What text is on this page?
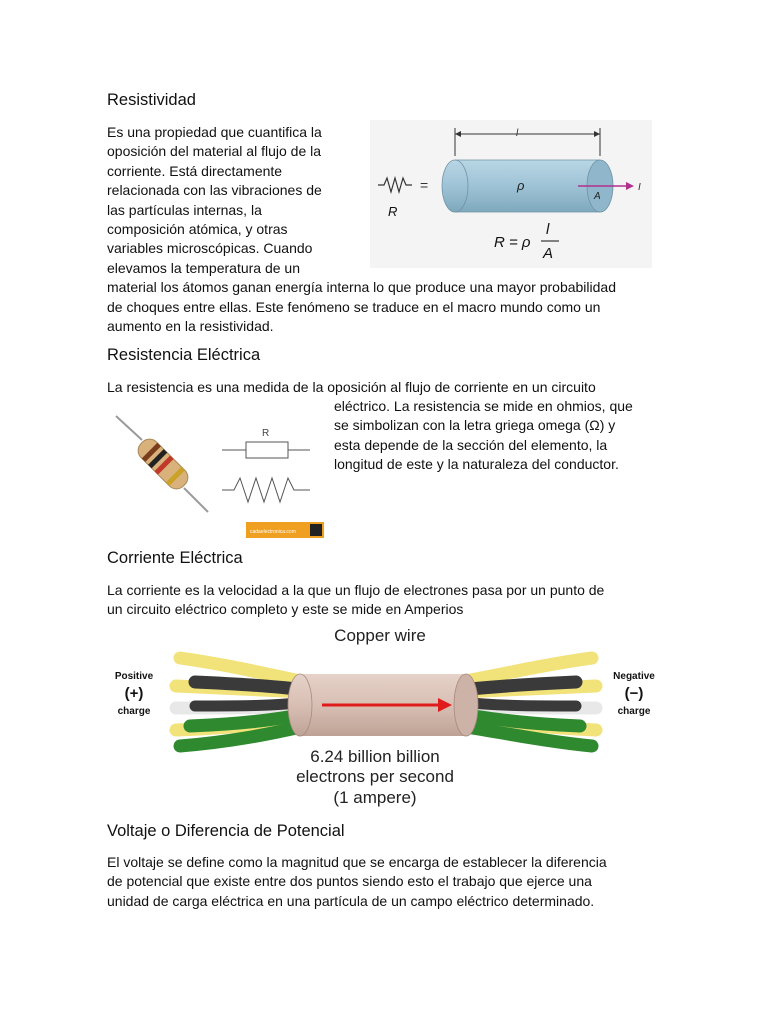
Resistividad
Es una propiedad que cuantifica la
oposición del material al flujo de la
corriente. Está directamente
relacionada con las vibraciones de
las partículas internas, la
composición atómica, y otras
variables microscópicas. Cuando
elevamos la temperatura de un
material los átomos ganan energía interna lo que produce una mayor probabilidad
de choques entre ellas. Este fenómeno se traduce en el macro mundo como un
aumento en la resistividad.
l
=
R
ρ
A
I
R = ρ
l
A
Resistencia Eléctrica
La resistencia es una medida de la oposición al flujo de corriente en un circuito
eléctrico. La resistencia se mide en ohmios, que
se simbolizan con la letra griega omega (Ω) y
esta depende de la sección del elemento, la
longitud de este y la naturaleza del conductor.
R
cadaelectronica.com
Corriente Eléctrica
La corriente es la velocidad a la que un flujo de electrones pasa por un punto de
un circuito eléctrico completo y este se mide en Amperios
Copper wire
Positive
(+)
charge
Negative
(−)
charge
6.24 billion billion
electrons per second
(1 ampere)
Voltaje o Diferencia de Potencial
El voltaje se define como la magnitud que se encarga de establecer la diferencia
de potencial que existe entre dos puntos siendo esto el trabajo que ejerce una
unidad de carga eléctrica en una partícula de un campo eléctrico determinado.
